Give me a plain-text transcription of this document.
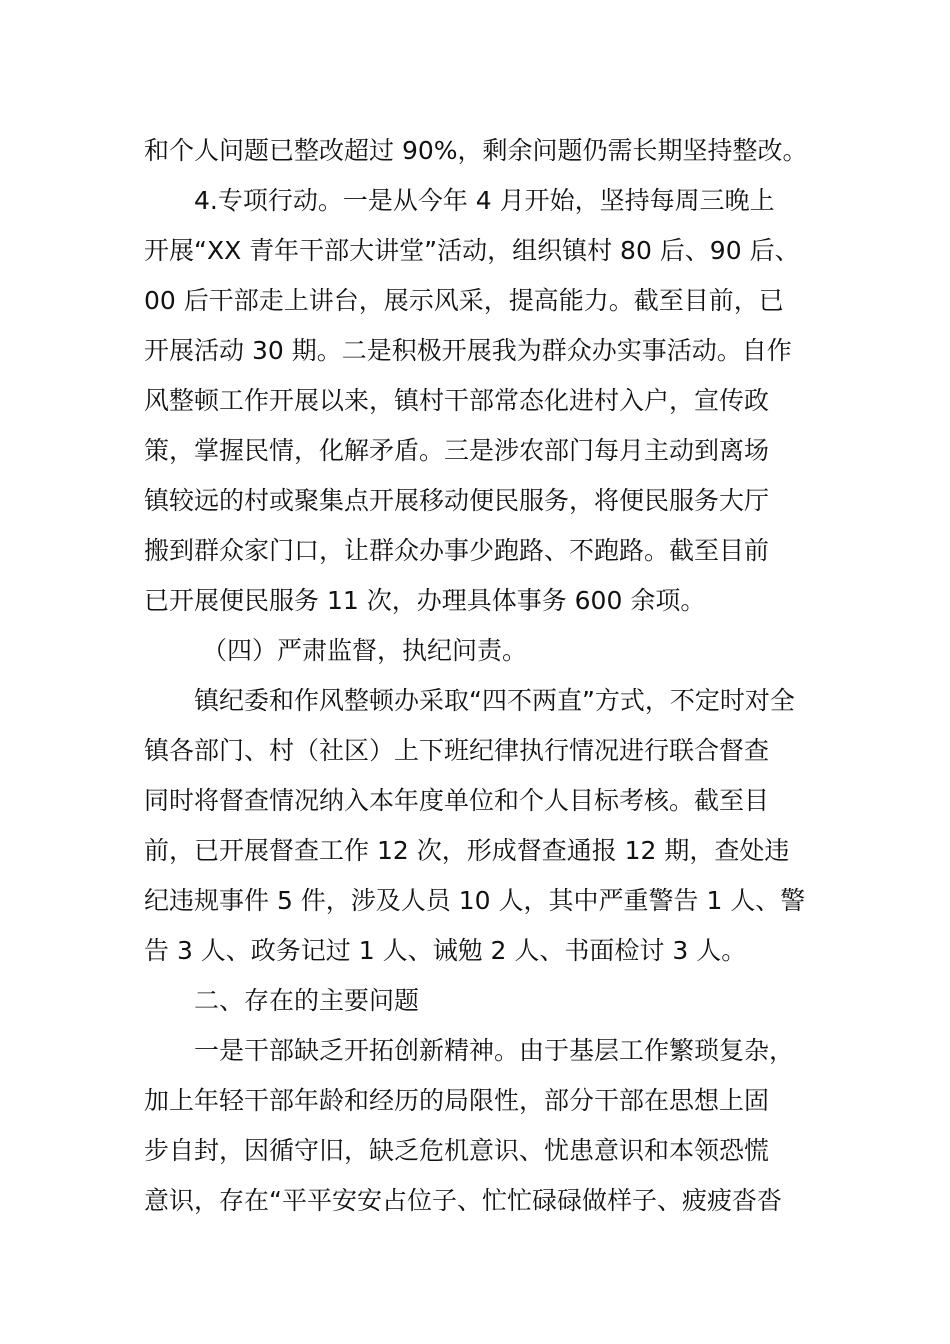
和个人问题已整改超过 90%，剩余问题仍需长期坚持整改。
4.专项行动。一是从今年 4 月开始，坚持每周三晚上
开展“XX 青年干部大讲堂”活动，组织镇村 80 后、90 后、
00 后干部走上讲台，展示风采，提高能力。截至目前，已
开展活动 30 期。二是积极开展我为群众办实事活动。自作
风整顿工作开展以来，镇村干部常态化进村入户，宣传政
策，掌握民情，化解矛盾。三是涉农部门每月主动到离场
镇较远的村或聚集点开展移动便民服务，将便民服务大厅
搬到群众家门口，让群众办事少跑路、不跑路。截至目前
已开展便民服务 11 次，办理具体事务 600 余项。
（四）严肃监督，执纪问责。
镇纪委和作风整顿办采取“四不两直”方式，不定时对全
镇各部门、村（社区）上下班纪律执行情况进行联合督查
同时将督查情况纳入本年度单位和个人目标考核。截至目
前，已开展督查工作 12 次，形成督查通报 12 期，查处违
纪违规事件 5 件，涉及人员 10 人，其中严重警告 1 人、警
告 3 人、政务记过 1 人、诫勉 2 人、书面检讨 3 人。
二、存在的主要问题
一是干部缺乏开拓创新精神。由于基层工作繁琐复杂，
加上年轻干部年龄和经历的局限性，部分干部在思想上固
步自封，因循守旧，缺乏危机意识、忧患意识和本领恐慌
意识，存在“平平安安占位子、忙忙碌碌做样子、疲疲沓沓
